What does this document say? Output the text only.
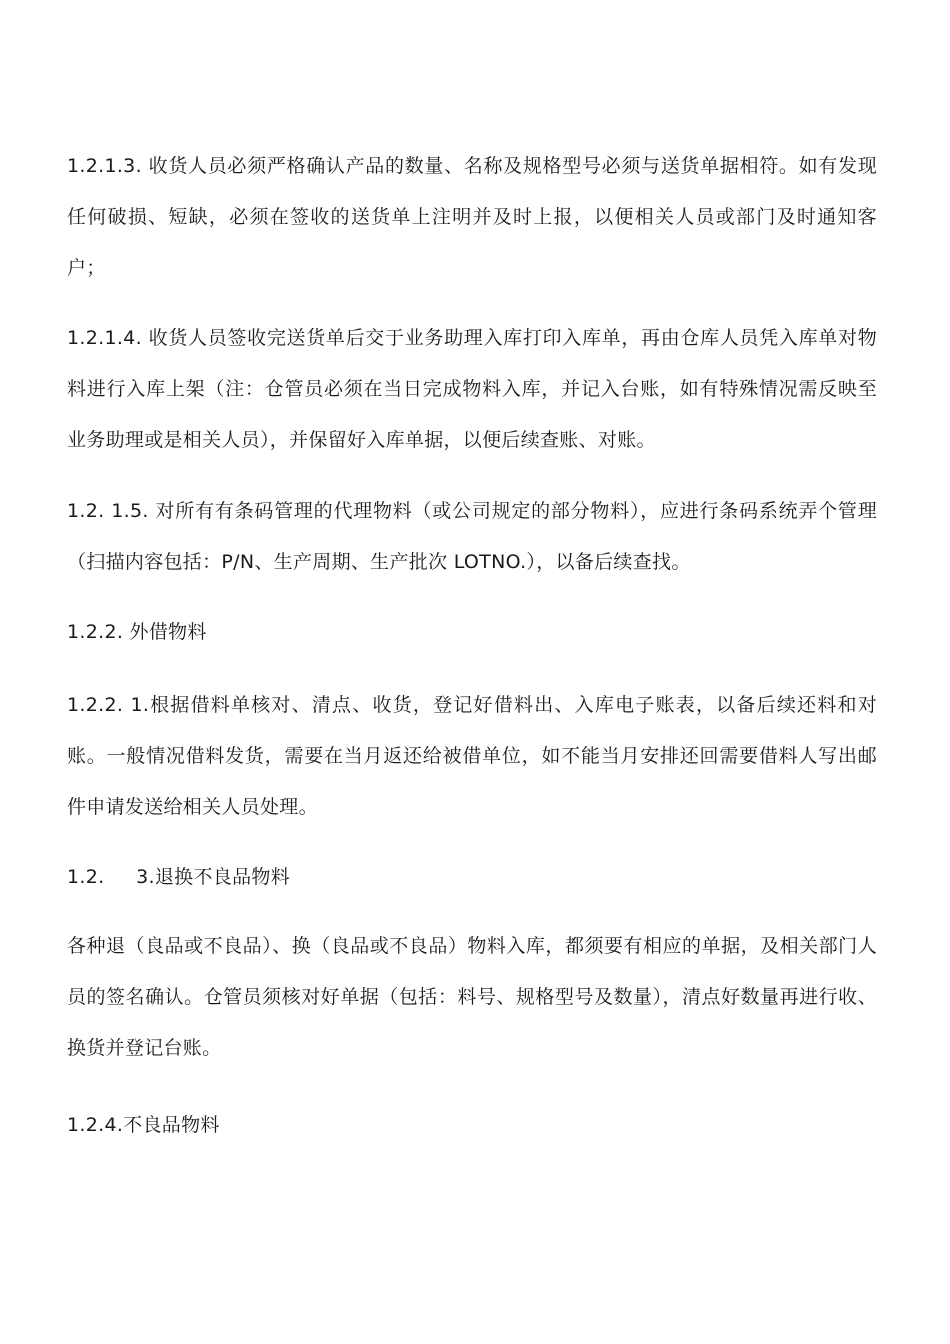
1.2.1.3. 收货人员必须严格确认产品的数量、名称及规格型号必须与送货单据相符。如有发现任何破损、短缺，必须在签收的送货单上注明并及时上报，以便相关人员或部门及时通知客户；

1.2.1.4. 收货人员签收完送货单后交于业务助理入库打印入库单，再由仓库人员凭入库单对物料进行入库上架（注：仓管员必须在当日完成物料入库，并记入台账，如有特殊情况需反映至业务助理或是相关人员），并保留好入库单据，以便后续查账、对账。

1.2. 1.5. 对所有有条码管理的代理物料（或公司规定的部分物料），应进行条码系统弄个管理（扫描内容包括：P/N、生产周期、生产批次 LOTNO.），以备后续查找。

1.2.2. 外借物料

1.2.2. 1.根据借料单核对、清点、收货，登记好借料出、入库电子账表，以备后续还料和对账。一般情况借料发货，需要在当月返还给被借单位，如不能当月安排还回需要借料人写出邮件申请发送给相关人员处理。

1.2.     3.退换不良品物料

各种退（良品或不良品）、换（良品或不良品）物料入库，都须要有相应的单据，及相关部门人员的签名确认。仓管员须核对好单据（包括：料号、规格型号及数量），清点好数量再进行收、换货并登记台账。

1.2.4.不良品物料
